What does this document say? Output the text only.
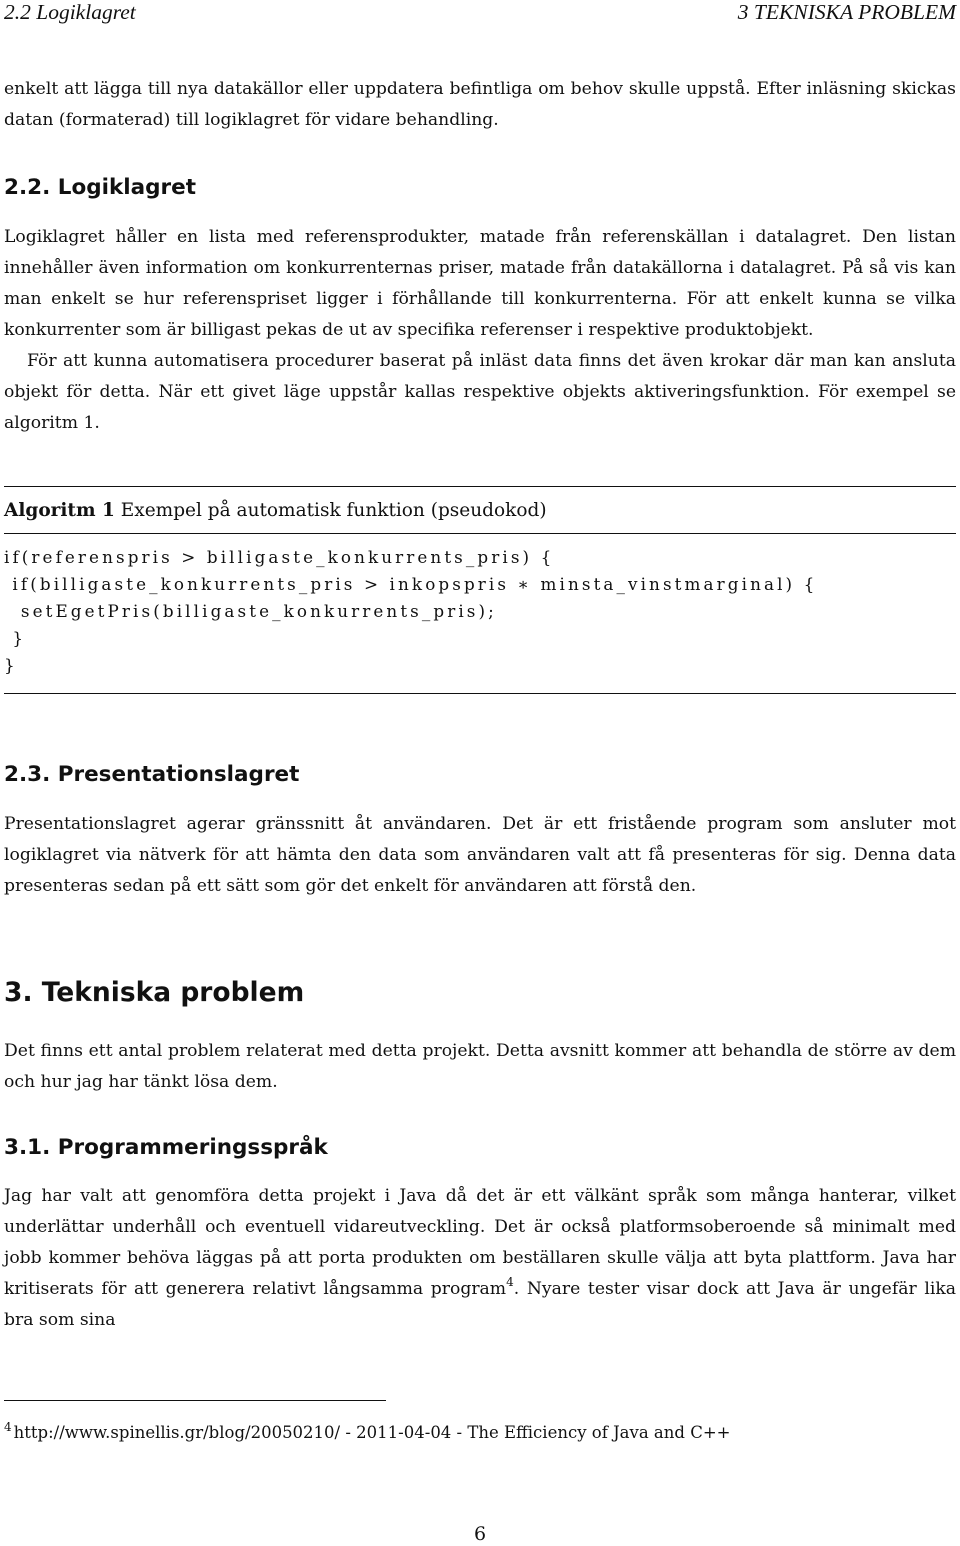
2.2 Logiklagret	3 TEKNISKA PROBLEM

enkelt att lägga till nya datakällor eller uppdatera befintliga om behov skulle uppstå. Efter inläsning skickas datan (formaterad) till logiklagret för vidare behandling.

2.2. Logiklagret

Logiklagret håller en lista med referensprodukter, matade från referenskällan i datalagret. Den listan innehåller även information om konkurrenternas priser, matade från datakällorna i datalagret. På så vis kan man enkelt se hur referenspriset ligger i förhållande till konkurrenterna. För att enkelt kunna se vilka konkurrenter som är billigast pekas de ut av specifika referenser i respektive produktobjekt.

För att kunna automatisera procedurer baserat på inläst data finns det även krokar där man kan ansluta objekt för detta. När ett givet läge uppstår kallas respektive objekts aktiveringsfunktion. För exempel se algoritm 1.

Algoritm 1 Exempel på automatisk funktion (pseudokod)
if(referenspris > billigaste_konkurrents_pris) {
if(billigaste_konkurrents_pris > inkopspris ∗ minsta_vinstmarginal) {
setEgetPris(billigaste_konkurrents_pris);
}
}
2.3. Presentationslagret

Presentationslagret agerar gränssnitt åt användaren. Det är ett fristående program som ansluter mot logiklagret via nätverk för att hämta den data som användaren valt att få presenteras för sig. Denna data presenteras sedan på ett sätt som gör det enkelt för användaren att förstå den.

3. Tekniska problem

Det finns ett antal problem relaterat med detta projekt. Detta avsnitt kommer att behandla de större av dem och hur jag har tänkt lösa dem.

3.1. Programmeringsspråk

Jag har valt att genomföra detta projekt i Java då det är ett välkänt språk som många hanterar, vilket underlättar underhåll och eventuell vidareutveckling. Det är också platformsoberoende så minimalt med jobb kommer behöva läggas på att porta produkten om beställaren skulle välja att byta plattform. Java har kritiserats för att generera relativt långsamma program$^4$. Nyare tester visar dock att Java är ungefär lika bra som sina

$^4$ http://www.spinellis.gr/blog/20050210/ - 2011-04-04 - The Efficiency of Java and C++
6
